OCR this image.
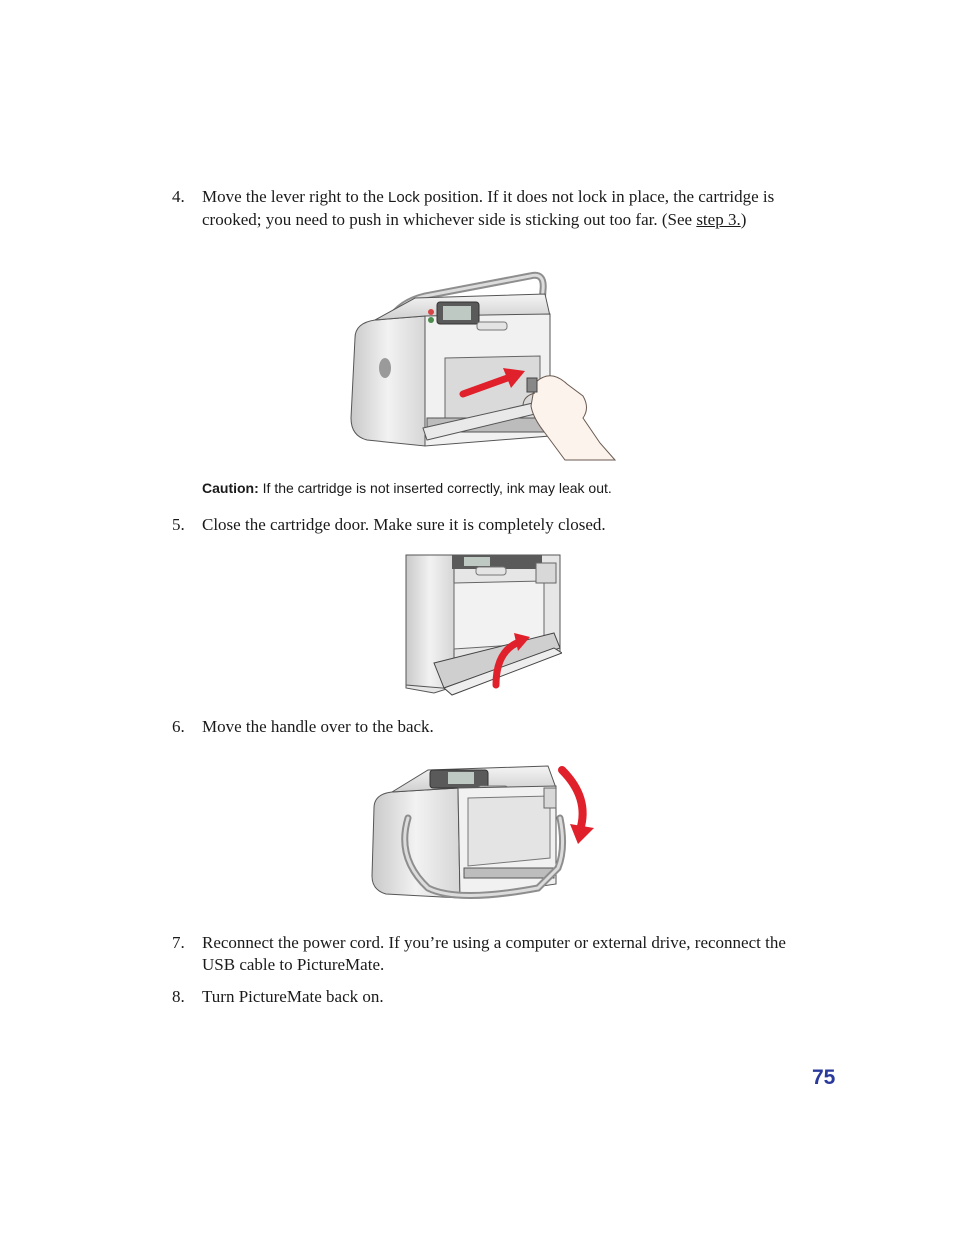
4. Move the lever right to the Lock position. If it does not lock in place, the cartridge is crooked; you need to push in whichever side is sticking out too far. (See step 3.)
Caution: If the cartridge is not inserted correctly, ink may leak out.
5. Close the cartridge door. Make sure it is completely closed.
6. Move the handle over to the back.
7. Reconnect the power cord. If you’re using a computer or external drive, reconnect the USB cable to PictureMate.
8. Turn PictureMate back on.
75
